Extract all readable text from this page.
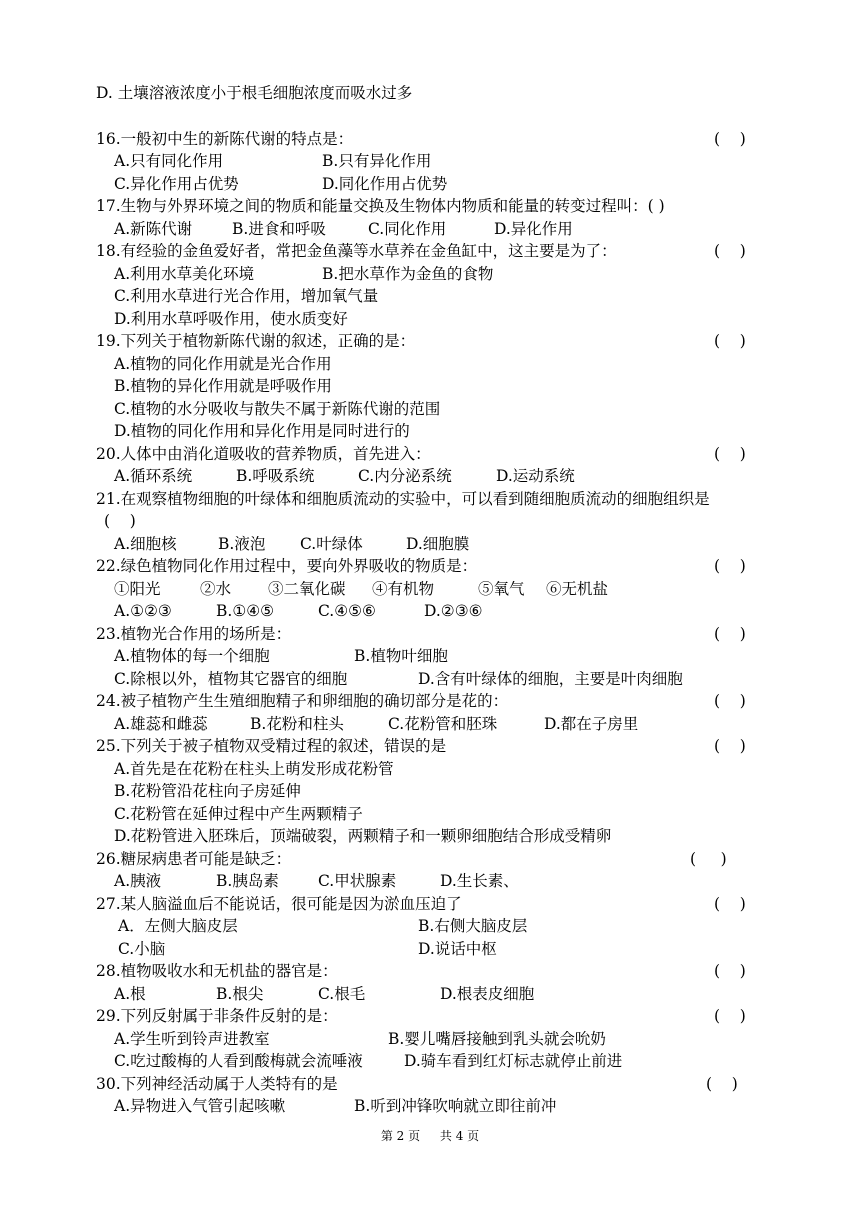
D. 土壤溶液浓度小于根毛细胞浓度而吸水过多
16.一般初中生的新陈代谢的特点是：	(    )
A.只有同化作用	B.只有异化作用
C.异化作用占优势	D.同化作用占优势
17.生物与外界环境之间的物质和能量交换及生物体内物质和能量的转变过程叫：( )
A.新陈代谢	B.进食和呼吸	C.同化作用	D.异化作用
18.有经验的金鱼爱好者，常把金鱼藻等水草养在金鱼缸中，这主要是为了：	(    )
A.利用水草美化环境	B.把水草作为金鱼的食物
C.利用水草进行光合作用，增加氧气量
D.利用水草呼吸作用，使水质变好
19.下列关于植物新陈代谢的叙述，正确的是：	(    )
A.植物的同化作用就是光合作用
B.植物的异化作用就是呼吸作用
C.植物的水分吸收与散失不属于新陈代谢的范围
D.植物的同化作用和异化作用是同时进行的
20.人体中由消化道吸收的营养物质，首先进入：	(    )
A.循环系统	B.呼吸系统	C.内分泌系统	D.运动系统
21.在观察植物细胞的叶绿体和细胞质流动的实验中，可以看到随细胞质流动的细胞组织是
(    )
A.细胞核	B.液泡 C.叶绿体	D.细胞膜
22.绿色植物同化作用过程中，要向外界吸收的物质是：	(    )
①阳光	②水 ③二氧化碳 ④有机物	⑤氧气 ⑥无机盐
A.①②③	B.①④⑤	C.④⑤⑥	D.②③⑥
23.植物光合作用的场所是：	(    )
A.植物体的每一个细胞	B.植物叶细胞
C.除根以外，植物其它器官的细胞	D.含有叶绿体的细胞，主要是叶肉细胞
24.被子植物产生生殖细胞精子和卵细胞的确切部分是花的：	(    )
A.雄蕊和雌蕊	B.花粉和柱头	C.花粉管和胚珠	D.都在子房里
25.下列关于被子植物双受精过程的叙述，错误的是	(    )
A.首先是在花粉在柱头上萌发形成花粉管
B.花粉管沿花柱向子房延伸
C.花粉管在延伸过程中产生两颗精子
D.花粉管进入胚珠后，顶端破裂，两颗精子和一颗卵细胞结合形成受精卵
26.糖尿病患者可能是缺乏：	(     )
A.胰液	B.胰岛素	C.甲状腺素	D.生长素、
27.某人脑溢血后不能说话，很可能是因为淤血压迫了	(    )
A．左侧大脑皮层	B.右侧大脑皮层
C.小脑	D.说话中枢
28.植物吸收水和无机盐的器官是：	(    )
A.根	B.根尖	C.根毛	D.根表皮细胞
29.下列反射属于非条件反射的是：	(    )
A.学生听到铃声进教室	B.婴儿嘴唇接触到乳头就会吮奶
C.吃过酸梅的人看到酸梅就会流唾液	D.骑车看到红灯标志就停止前进
30.下列神经活动属于人类特有的是	(    )
A.异物进入气管引起咳嗽	B.听到冲锋吹响就立即往前冲
第 2 页 共 4 页
